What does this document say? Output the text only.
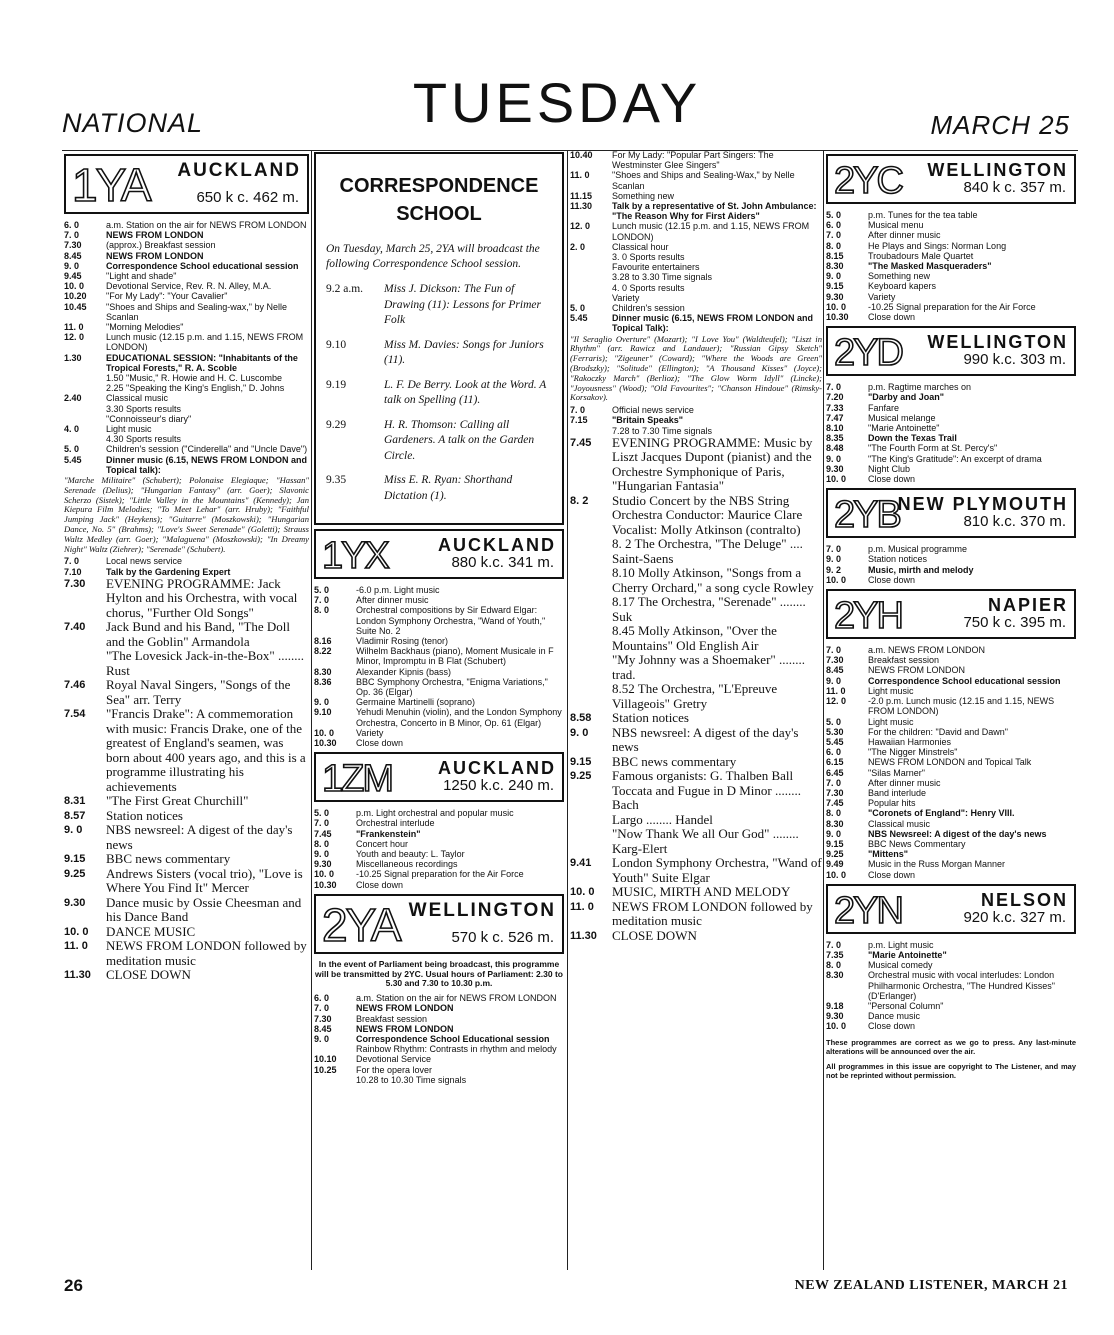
NATIONAL	TUESDAY	MARCH 25
1YA AUCKLAND
650 k c. 462 m.
6. 0	a.m. Station on the air for NEWS FROM LONDON
7. 0	NEWS FROM LONDON
7.30	(approx.) Breakfast session
8.45	NEWS FROM LONDON
9. 0	Correspondence School educational session
9.45	"Light and shade"
10. 0	Devotional Service, Rev. R. N. Alley, M.A.
10.20	"For My Lady": "Your Cavalier"
10.45	"Shoes and Ships and Sealing-wax," by Nelle Scanlan
11. 0	"Morning Melodies"
12. 0	Lunch music (12.15 p.m. and 1.15, NEWS FROM LONDON)
1.30	EDUCATIONAL SESSION: "Inhabitants of the Tropical Forests," R. A. Scoble
1.50 "Music," R. Howie and H. C. Luscombe
2.25 "Speaking the King's English," D. Johns
2.40	Classical music
3.30 Sports results
"Connoisseur's diary"
4. 0	Light music
4.30 Sports results
5. 0	Children's session ("Cinderella" and "Uncle Dave")
5.45	Dinner music (6.15, NEWS FROM LONDON and Topical talk):
"Marche Militaire" (Schubert); Polonaise Elegiaque; "Hassan" Serenade (Delius); "Hungarian Fantasy" (arr. Goer); Slavonic Scherzo (Sistek); "Little Valley in the Mountains" (Kennedy); Jan Kiepura Film Melodies; "To Meet Lehar" (arr. Hruby); "Faithful Jumping Jack" (Heykens); "Guitarre" (Moszkowski); "Hungarian Dance, No. 5" (Brahms); "Love's Sweet Serenade" (Goletti); Strauss Waltz Medley (arr. Goer); "Malaguena" (Moszkowski); "In Dreamy Night" Waltz (Ziehrer); "Serenade" (Schubert).
7. 0	Local news service
7.10	Talk by the Gardening Expert
7.30	EVENING PROGRAMME: Jack Hylton and his Orchestra, with vocal chorus, "Further Old Songs"
7.40	Jack Bund and his Band, "The Doll and the Goblin" Armandola
"The Lovesick Jack-in-the-Box" ........ Rust
7.46	Royal Naval Singers, "Songs of the Sea" arr. Terry
7.54	"Francis Drake": A commemoration with music: Francis Drake, one of the greatest of England's seamen, was born about 400 years ago, and this is a programme illustrating his achievements
8.31	"The First Great Churchill"
8.57	Station notices
9. 0	NBS newsreel: A digest of the day's news
9.15	BBC news commentary
9.25	Andrews Sisters (vocal trio), "Love is Where You Find It" Mercer
9.30	Dance music by Ossie Cheesman and his Dance Band
10. 0	DANCE MUSIC
11. 0	NEWS FROM LONDON followed by meditation music
11.30	CLOSE DOWN
CORRESPONDENCE SCHOOL
On Tuesday, March 25, 2YA will broadcast the following Correspondence School session.
9.2 a.m.	Miss J. Dickson: The Fun of Drawing (11): Lessons for Primer Folk
9.10	Miss M. Davies: Songs for Juniors (11).
9.19	L. F. De Berry. Look at the Word. A talk on Spelling (11).
9.29	H. R. Thomson: Calling all Gardeners. A talk on the Garden Circle.
9.35	Miss E. R. Ryan: Shorthand Dictation (1).
1YX	AUCKLAND
880 k.c. 341 m.
5. 0	-6.0 p.m. Light music
7. 0	After dinner music
8. 0	Orchestral compositions by Sir Edward Elgar: London Symphony Orchestra, "Wand of Youth," Suite No. 2
8.16	Vladimir Rosing (tenor)
8.22	Wilhelm Backhaus (piano), Moment Musicale in F Minor, Impromptu in B Flat (Schubert)
8.30	Alexander Kipnis (bass)
8.36	BBC Symphony Orchestra, "Enigma Variations," Op. 36 (Elgar)
9. 0	Germaine Martinelli (soprano)
9.10	Yehudi Menuhin (violin), and the London Symphony Orchestra, Concerto in B Minor, Op. 61 (Elgar)
10. 0	Variety
10.30	Close down
1ZM	AUCKLAND
1250 k.c. 240 m.
5. 0	p.m. Light orchestral and popular music
7. 0	Orchestral interlude
7.45	"Frankenstein"
8. 0	Concert hour
9. 0	Youth and beauty: L. Taylor
9.30	Miscellaneous recordings
10. 0	-10.25 Signal preparation for the Air Force
10.30	Close down
2YA WELLINGTON
570 k c. 526 m.
In the event of Parliament being broadcast, this programme will be transmitted by 2YC. Usual hours of Parliament: 2.30 to 5.30 and 7.30 to 10.30 p.m.
6. 0	a.m. Station on the air for NEWS FROM LONDON
7. 0	NEWS FROM LONDON
7.30	Breakfast session
8.45	NEWS FROM LONDON
9. 0	Correspondence School Educational session
Rainbow Rhythm: Contrasts in rhythm and melody
10.10	Devotional Service
10.25	For the opera lover
10.28 to 10.30 Time signals
10.40	For My Lady: "Popular Part Singers: The Westminster Glee Singers"
11. 0	"Shoes and Ships and Sealing-Wax," by Nelle Scanlan
11.15	Something new
11.30	Talk by a representative of St. John Ambulance: "The Reason Why for First Aiders"
12. 0	Lunch music (12.15 p.m. and 1.15, NEWS FROM LONDON)
2. 0	Classical hour
3. 0 Sports results
Favourite entertainers
3.28 to 3.30 Time signals
4. 0 Sports results
Variety
5. 0	Children's session
5.45	Dinner music (6.15, NEWS FROM LONDON and Topical Talk):
"Il Seraglio Overture" (Mozart); "I Love You" (Waldteufel); "Liszt in Rhythm" (arr. Rawicz and Landauer); "Russian Gipsy Sketch" (Ferraris); "Zigeuner" (Coward); "Where the Woods are Green" (Brodszky); "Solitude" (Ellington); "A Thousand Kisses" (Joyce); "Rakoczky March" (Berlioz); "The Glow Worm Idyll" (Lincke); "Joyousness" (Wood); "Old Favourites"; "Chanson Hindoue" (Rimsky-Korsakov).
7. 0	Official news service
7.15	"Britain Speaks"
7.28 to 7.30 Time signals
7.45	EVENING PROGRAMME: Music by Liszt Jacques Dupont (pianist) and the Orchestre Symphonique of Paris, "Hungarian Fantasia"
8. 2	Studio Concert by the NBS String Orchestra Conductor: Maurice Clare Vocalist: Molly Atkinson (contralto)
8. 2 The Orchestra, "The Deluge" .... Saint-Saens
8.10 Molly Atkinson, "Songs from a Cherry Orchard," a song cycle Rowley
8.17 The Orchestra, "Serenade" ........ Suk
8.45 Molly Atkinson, "Over the Mountains" Old English Air
"My Johnny was a Shoemaker" ........ trad.
8.52 The Orchestra, "L'Epreuve Villageois" Gretry
8.58	Station notices
9. 0	NBS newsreel: A digest of the day's news
9.15	BBC news commentary
9.25	Famous organists: G. Thalben Ball
Toccata and Fugue in D Minor ........ Bach
Largo ........ Handel
"Now Thank We all Our God" ........ Karg-Elert
9.41	London Symphony Orchestra, "Wand of Youth" Suite Elgar
10. 0	MUSIC, MIRTH AND MELODY
11. 0	NEWS FROM LONDON followed by meditation music
11.30	CLOSE DOWN
2YC WELLINGTON
840 k c. 357 m.
5. 0	p.m. Tunes for the tea table
6. 0	Musical menu
7. 0	After dinner music
8. 0	He Plays and Sings: Norman Long
8.15	Troubadours Male Quartet
8.30	"The Masked Masqueraders"
9. 0	Something new
9.15	Keyboard kapers
9.30	Variety
10. 0	-10.25 Signal preparation for the Air Force
10.30	Close down
2YD WELLINGTON
990 k.c. 303 m.
7. 0	p.m. Ragtime marches on
7.20	"Darby and Joan"
7.33	Fanfare
7.47	Musical melange
8.10	"Marie Antoinette"
8.35	Down the Texas Trail
8.48	"The Fourth Form at St. Percy's"
9. 0	"The King's Gratitude": An excerpt of drama
9.30	Night Club
10. 0	Close down
2YB
NEW PLYMOUTH
810 k.c. 370 m.
7. 0	p.m. Musical programme
9. 0	Station notices
9. 2	Music, mirth and melody
10. 0	Close down
2YH	NAPIER
750 k c. 395 m.
7. 0	a.m. NEWS FROM LONDON
7.30	Breakfast session
8.45	NEWS FROM LONDON
9. 0	Correspondence School educational session
11. 0	Light music
12. 0	-2.0 p.m. Lunch music (12.15 and 1.15, NEWS FROM LONDON)
5. 0	Light music
5.30	For the children: "David and Dawn"
5.45	Hawaiian Harmonies
6. 0	"The Nigger Minstrels"
6.15	NEWS FROM LONDON and Topical Talk
6.45	"Silas Marner"
7. 0	After dinner music
7.30	Band interlude
7.45	Popular hits
8. 0	"Coronets of England": Henry VIII.
8.30	Classical music
9. 0	NBS Newsreel: A digest of the day's news
9.15	BBC News Commentary
9.25	"Mittens"
9.49	Music in the Russ Morgan Manner
10. 0	Close down
2YN	NELSON
920 k.c. 327 m.
7. 0	p.m. Light music
7.35	"Marie Antoinette"
8. 0	Musical comedy
8.30	Orchestral music with vocal interludes: London Philharmonic Orchestra, "The Hundred Kisses" (D'Erlanger)
9.18	"Personal Column"
9.30	Dance music
10. 0	Close down
These programmes are correct as we go to press. Any last-minute alterations will be announced over the air.
All programmes in this issue are copyright to The Listener, and may not be reprinted without permission.
26	NEW ZEALAND LISTENER, MARCH 21
